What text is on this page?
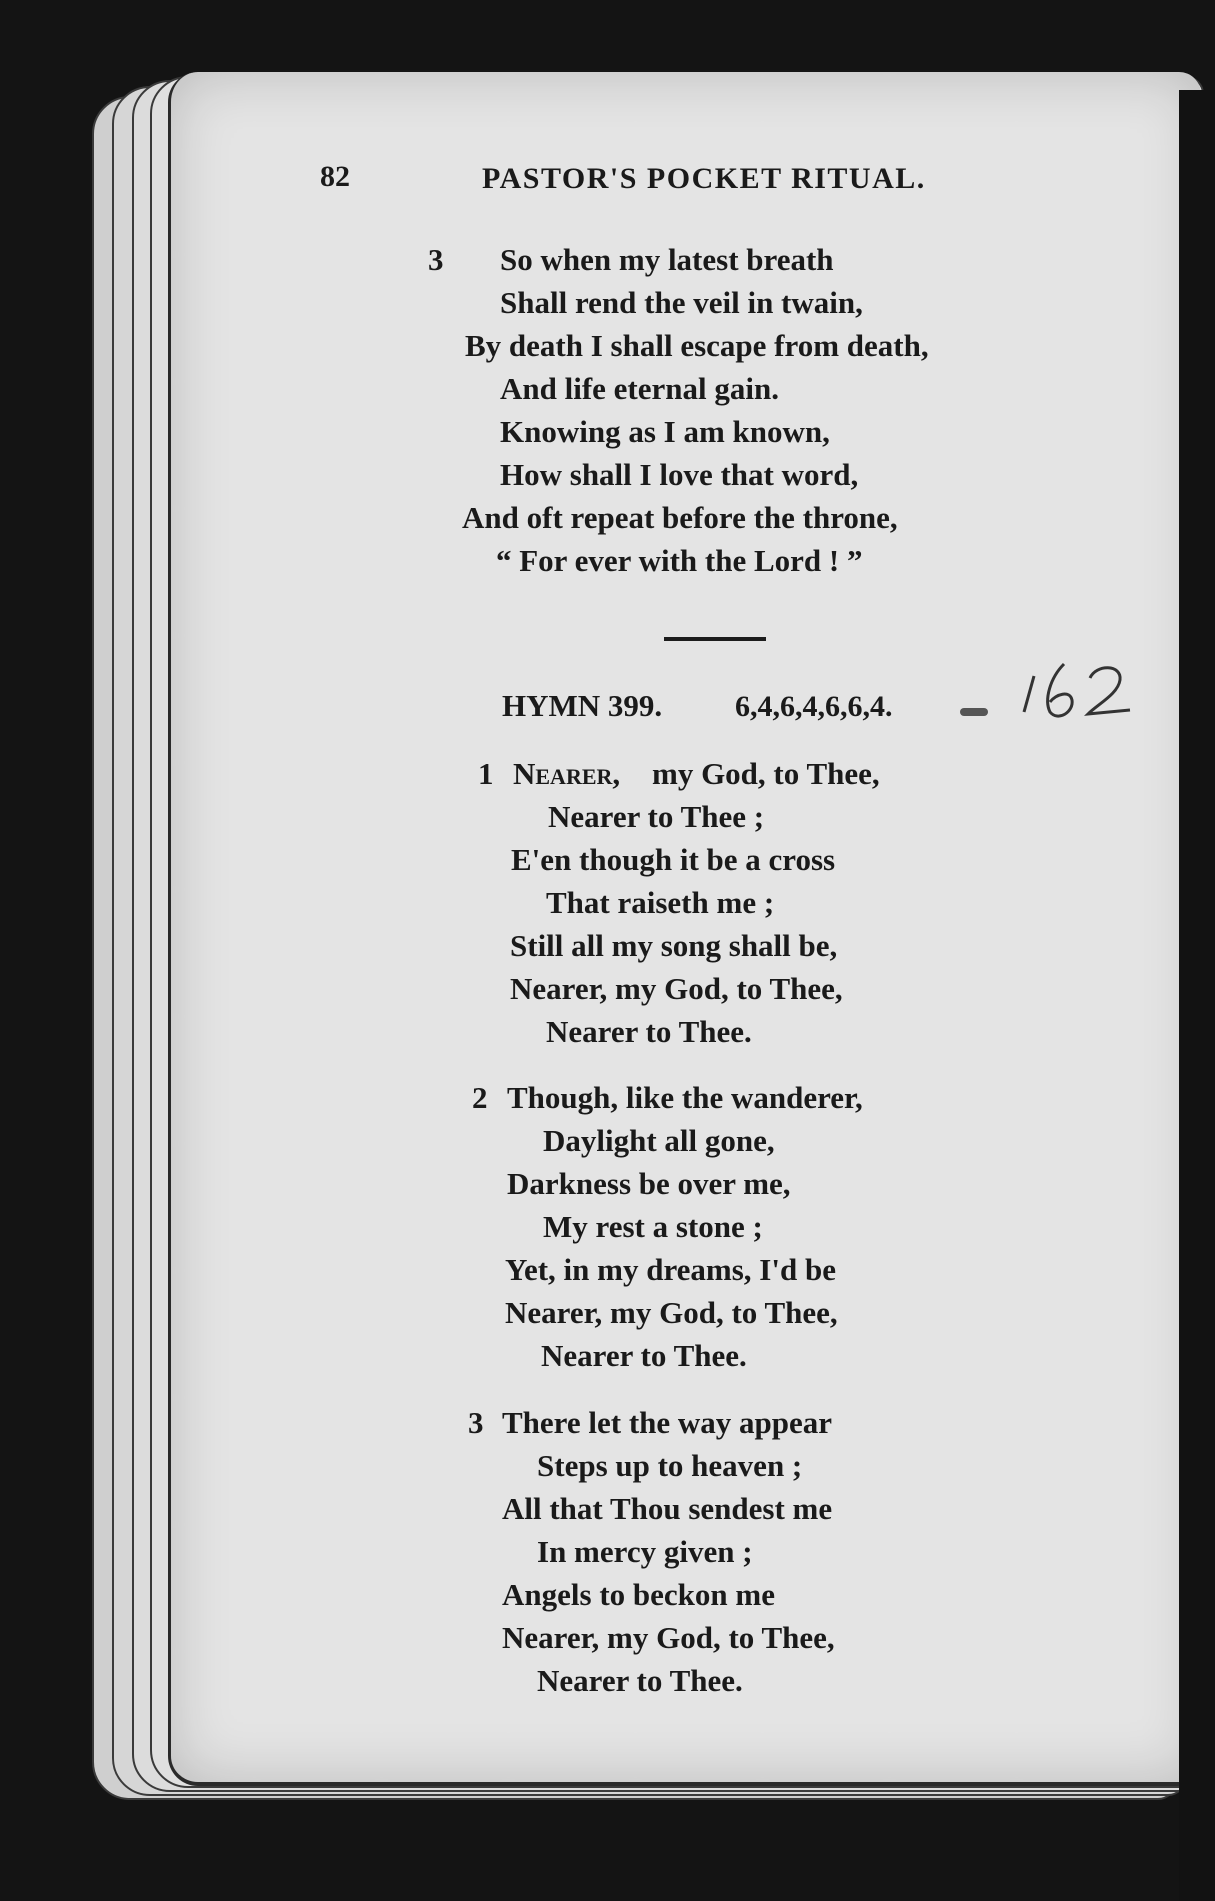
82	PASTOR'S POCKET RITUAL.
3 So when my latest breath
Shall rend the veil in twain,
By death I shall escape from death,
And life eternal gain.
Knowing as I am known,
How shall I love that word,
And oft repeat before the throne,
“ For ever with the Lord ! ”
HYMN 399. 6,4,6,4,6,6,4.
1 Nearer, my God, to Thee,
Nearer to Thee ;
E'en though it be a cross
That raiseth me ;
Still all my song shall be,
Nearer, my God, to Thee,
Nearer to Thee.
2 Though, like the wanderer,
Daylight all gone,
Darkness be over me,
My rest a stone ;
Yet, in my dreams, I'd be
Nearer, my God, to Thee,
Nearer to Thee.
3 There let the way appear
Steps up to heaven ;
All that Thou sendest me
In mercy given ;
Angels to beckon me
Nearer, my God, to Thee,
Nearer to Thee.
